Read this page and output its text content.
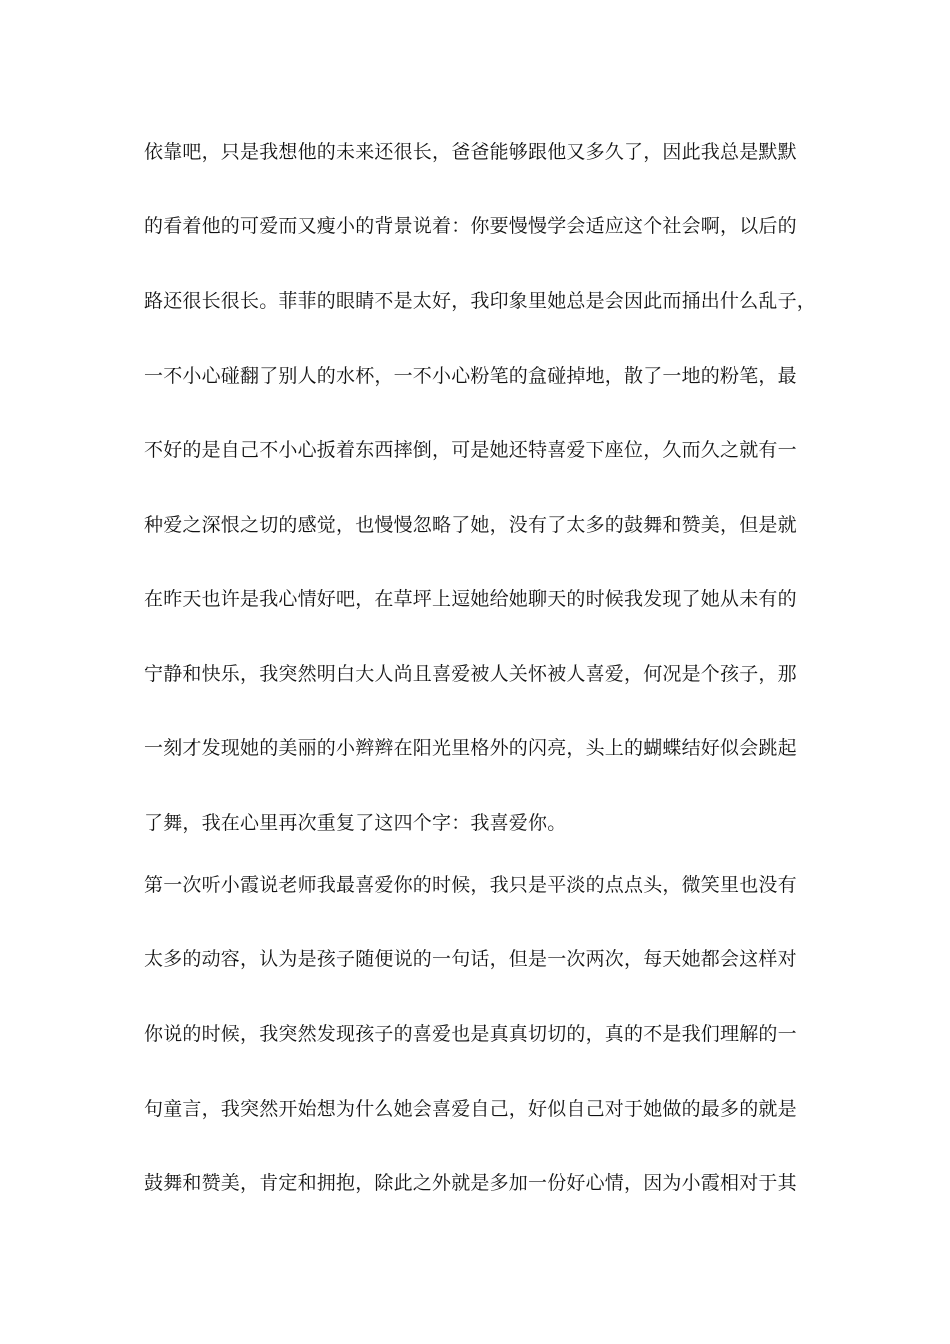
依靠吧，只是我想他的未来还很长，爸爸能够跟他又多久了，因此我总是默默
的看着他的可爱而又瘦小的背景说着：你要慢慢学会适应这个社会啊，以后的
路还很长很长。菲菲的眼睛不是太好，我印象里她总是会因此而捅出什么乱子，
一不小心碰翻了别人的水杯，一不小心粉笔的盒碰掉地，散了一地的粉笔，最
不好的是自己不小心扳着东西摔倒，可是她还特喜爱下座位，久而久之就有一
种爱之深恨之切的感觉，也慢慢忽略了她，没有了太多的鼓舞和赞美，但是就
在昨天也许是我心情好吧，在草坪上逗她给她聊天的时候我发现了她从未有的
宁静和快乐，我突然明白大人尚且喜爱被人关怀被人喜爱，何况是个孩子，那
一刻才发现她的美丽的小辫辫在阳光里格外的闪亮，头上的蝴蝶结好似会跳起
了舞，我在心里再次重复了这四个字：我喜爱你。
第一次听小霞说老师我最喜爱你的时候，我只是平淡的点点头，微笑里也没有
太多的动容，认为是孩子随便说的一句话，但是一次两次，每天她都会这样对
你说的时候，我突然发现孩子的喜爱也是真真切切的，真的不是我们理解的一
句童言，我突然开始想为什么她会喜爱自己，好似自己对于她做的最多的就是
鼓舞和赞美，肯定和拥抱，除此之外就是多加一份好心情，因为小霞相对于其
